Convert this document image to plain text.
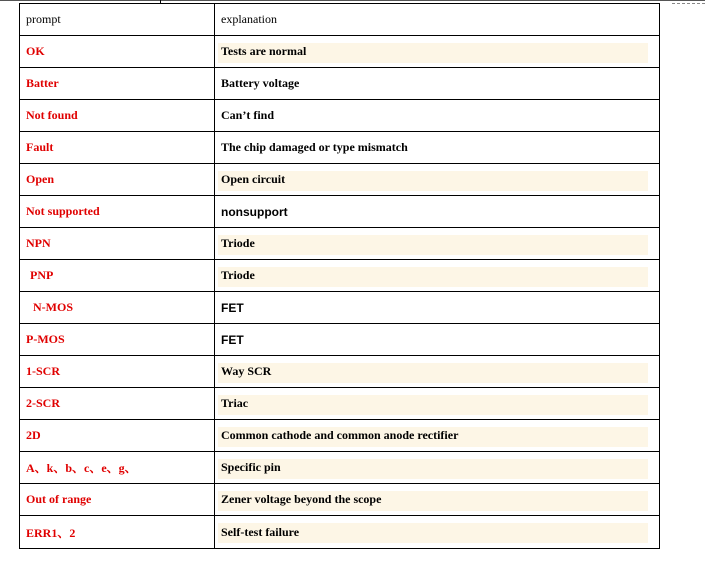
prompt	explanation
OK	Tests are normal
Batter	Battery voltage
Not found	Can’t find
Fault	The chip damaged or type mismatch
Open	Open circuit
Not supported	nonsupport
NPN	Triode
PNP	Triode
N-MOS	FET
P-MOS	FET
1-SCR	Way SCR
2-SCR	Triac
2D	Common cathode and common anode rectifier
A、k、b、c、e、g、	Specific pin
Out of range	Zener voltage beyond the scope
ERR1、2	Self-test failure
